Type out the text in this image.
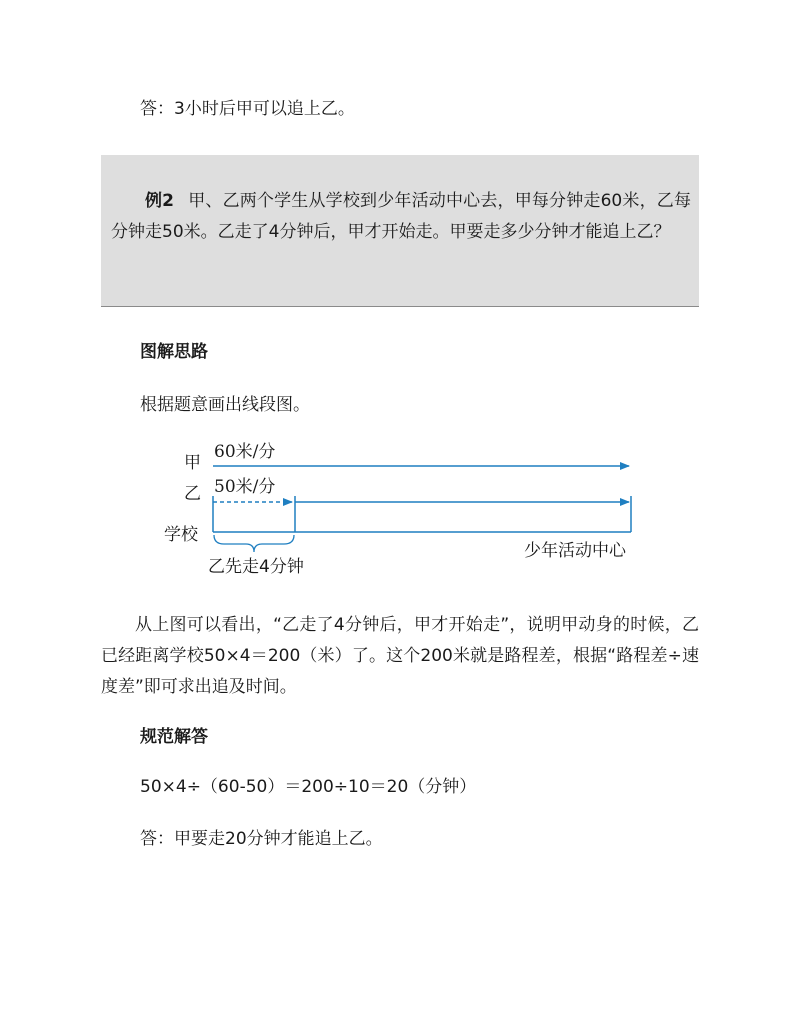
答：3小时后甲可以追上乙。
例2 甲、乙两个学生从学校到少年活动中心去，甲每分钟走60米，乙每分钟走50米。乙走了4分钟后，甲才开始走。甲要走多少分钟才能追上乙？
图解思路
根据题意画出线段图。
甲
乙
学校
60米/分
50米/分
乙先走4分钟
少年活动中心
从上图可以看出，“乙走了4分钟后，甲才开始走”，说明甲动身的时候，乙已经距离学校50×4＝200（米）了。这个200米就是路程差，根据“路程差÷速度差”即可求出追及时间。
规范解答
50×4÷（60-50）＝200÷10＝20（分钟）
答：甲要走20分钟才能追上乙。
